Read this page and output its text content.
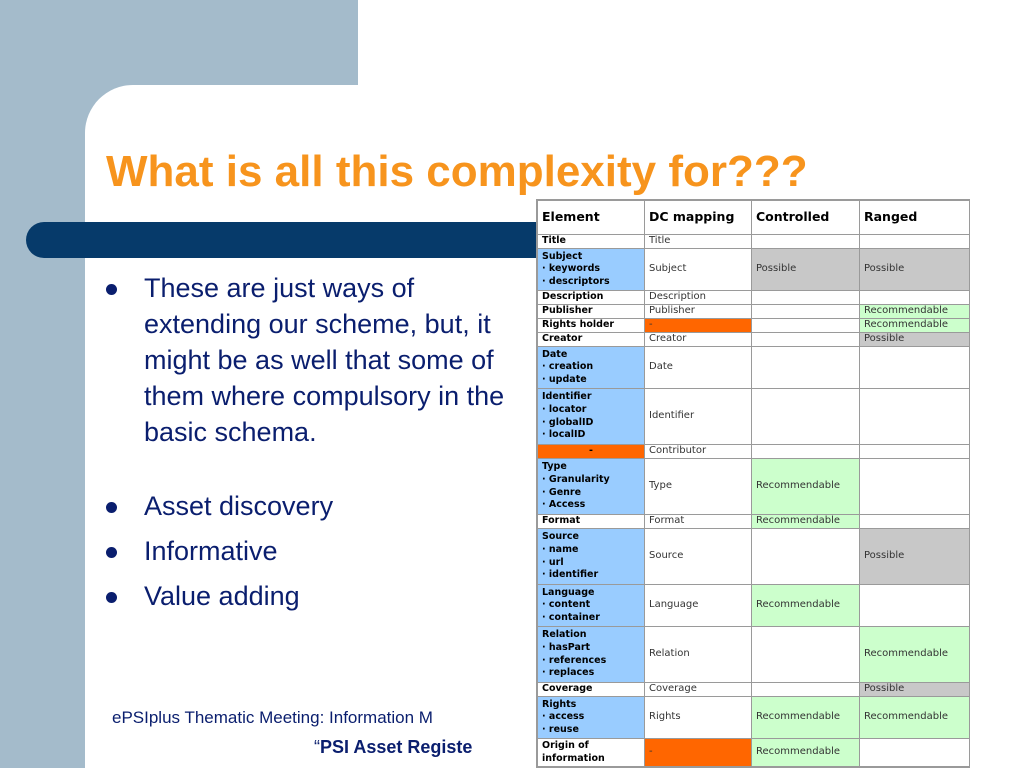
What is all this complexity for???
These are just ways of extending our scheme, but, it might be as well that some of them where compulsory in the basic schema.
Asset discovery
Informative
Value adding
ePSIplus Thematic Meeting: Information M
“PSI Asset Registe
Element	DC mapping	Controlled	Ranged
Title	Title		
Subject
· keywords
· descriptors	Subject	Possible	Possible
Description	Description		
Publisher	Publisher		Recommendable
Rights holder	-		Recommendable
Creator	Creator		Possible
Date
· creation
· update	Date		
Identifier
· locator
· globalID
· localID	Identifier		
-	Contributor		
Type
· Granularity
· Genre
· Access	Type	Recommendable	
Format	Format	Recommendable	
Source
· name
· url
· identifier	Source		Possible
Language
· content
· container	Language	Recommendable	
Relation
· hasPart
· references
· replaces	Relation		Recommendable
Coverage	Coverage		Possible
Rights
· access
· reuse	Rights	Recommendable	Recommendable
Origin of
information	-	Recommendable	
